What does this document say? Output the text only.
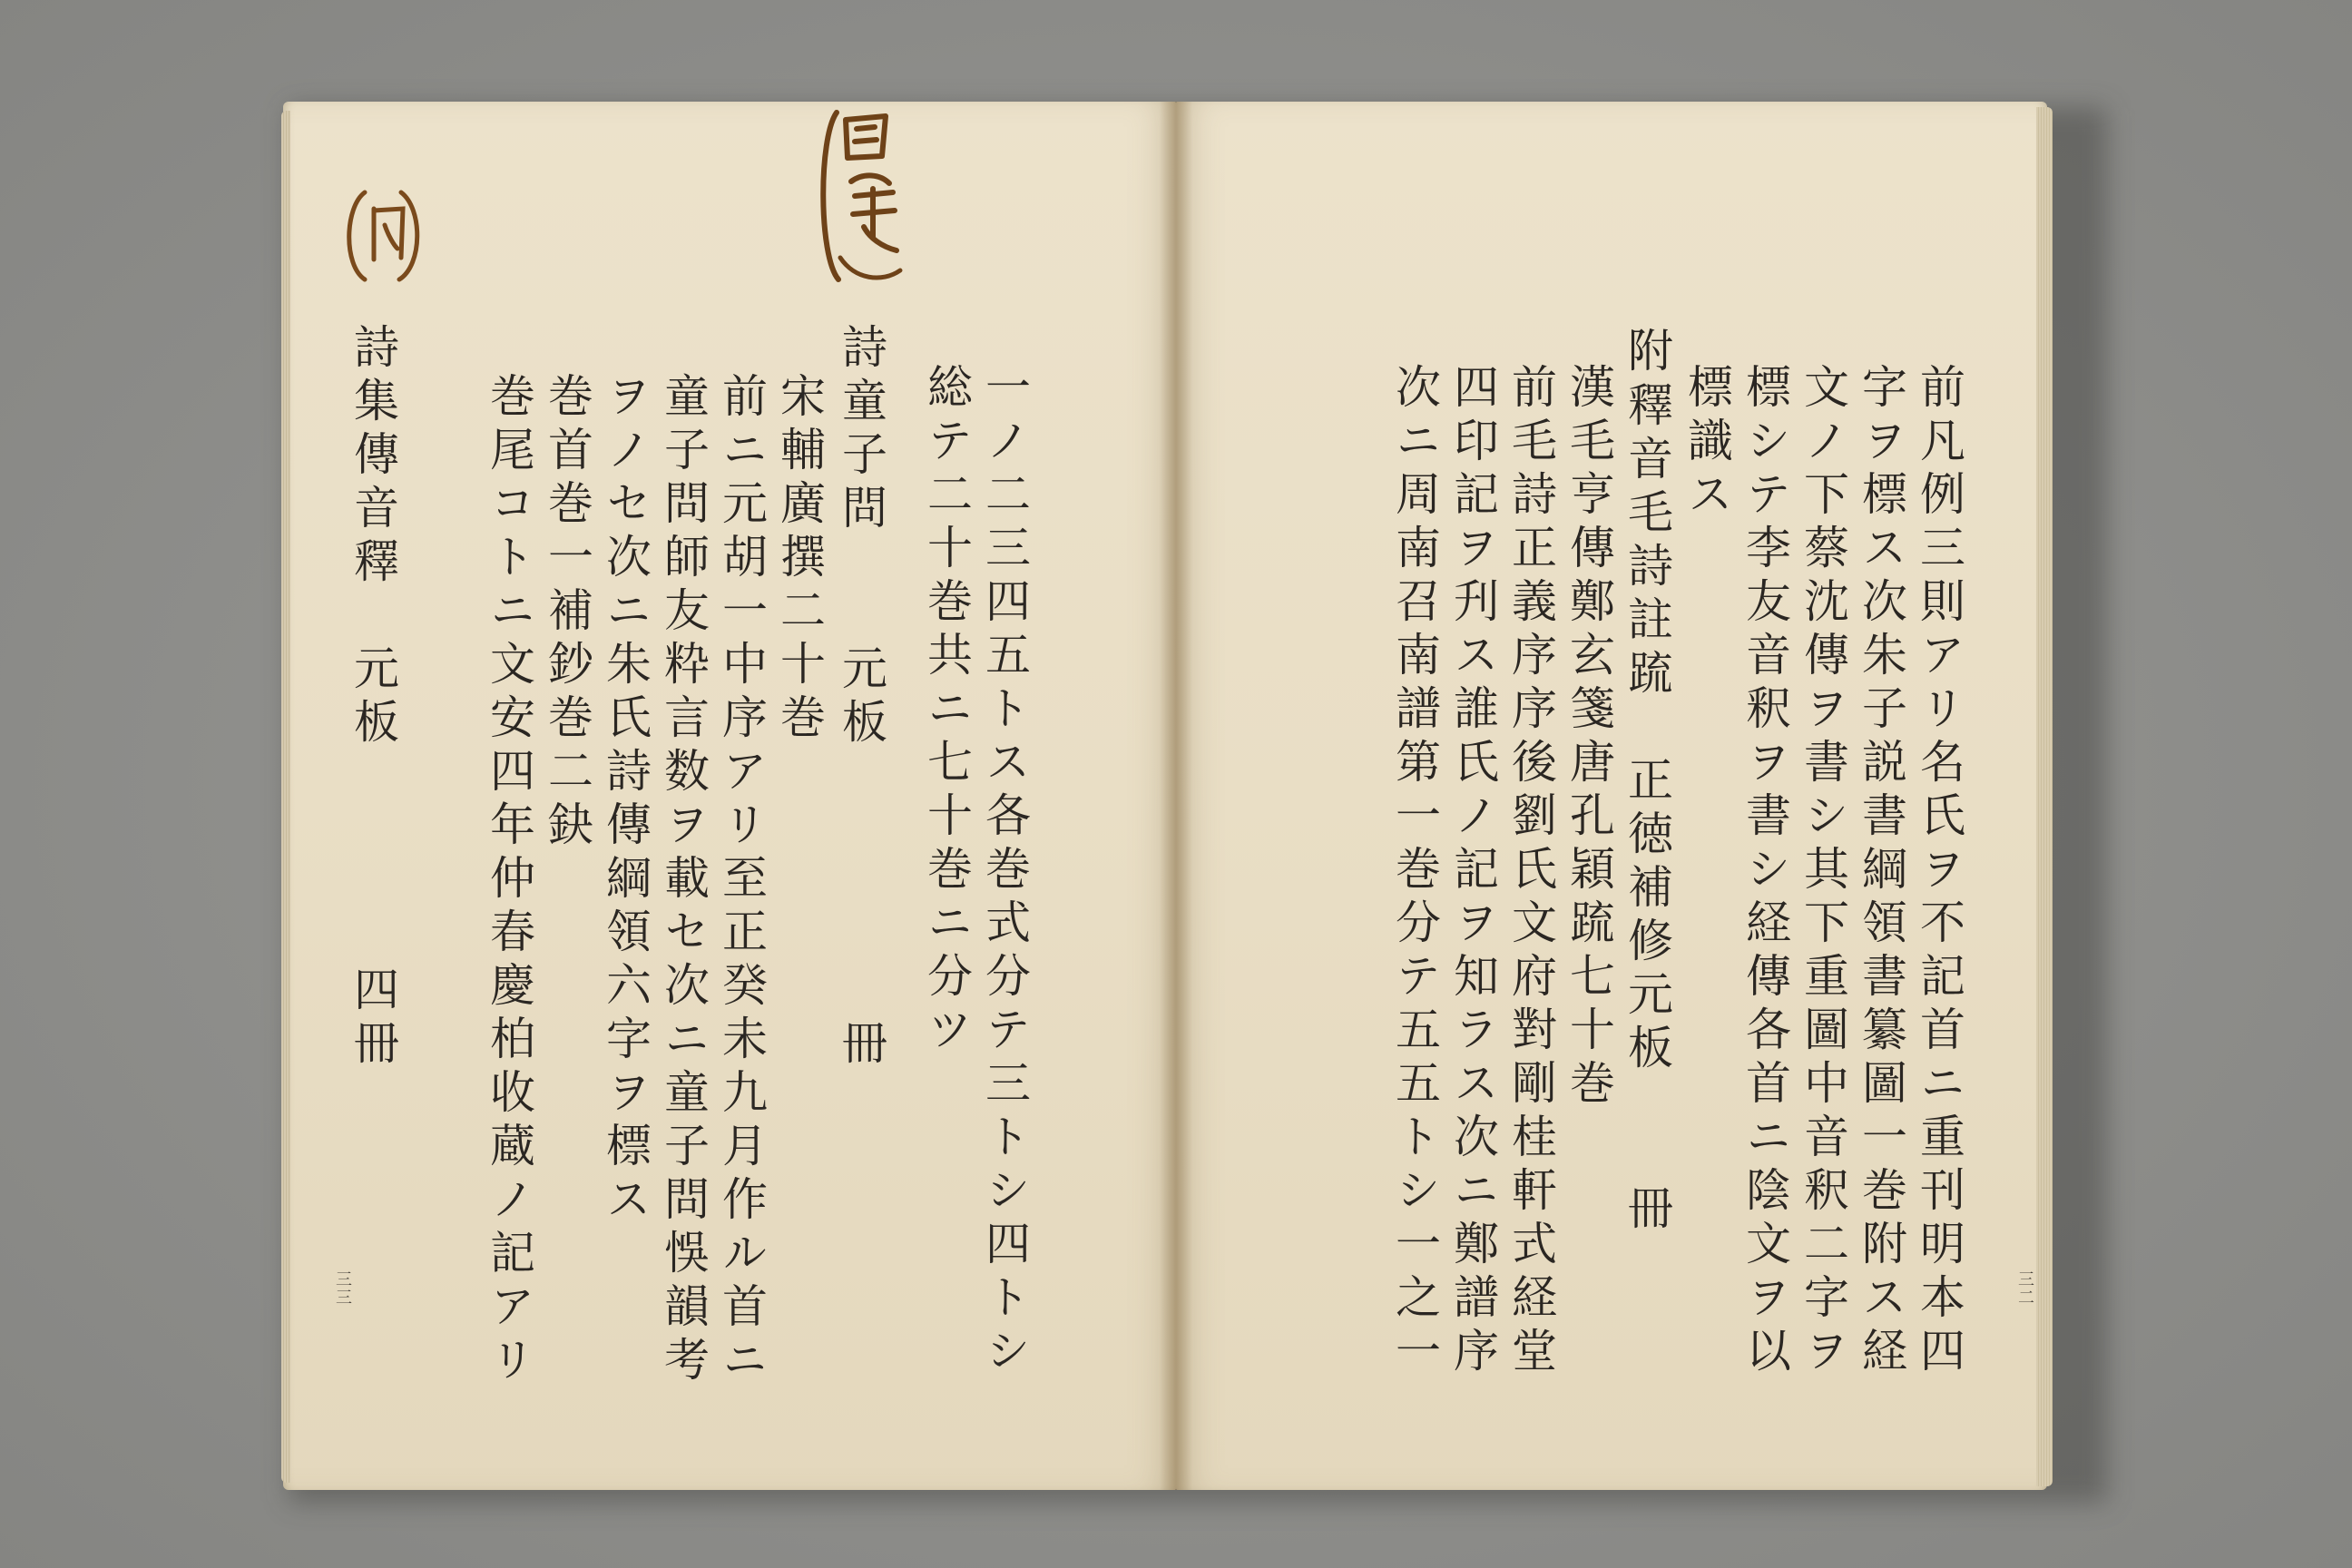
前凡例三則アリ名氏ヲ不記首ニ重刊明本四
字ヲ標ス次朱子説書綱領書纂圖一巻附ス経
文ノ下蔡沈傳ヲ書シ其下重圖中音釈二字ヲ
標シテ李友音釈ヲ書シ経傳各首ニ陰文ヲ以
標識ス
附
釋音毛詩註䟽　正徳補修元板　　冊
漢毛亨傳鄭玄箋唐孔穎䟽七十巻
前毛詩正義序序後劉氏文府對剛桂軒式経堂
四印記ヲ刋ス誰氏ノ記ヲ知ラス次ニ鄭譜序
次ニ周南召南譜第一巻分テ五五トシ一之一	三二
一ノ二三四五トス各巻式分テ三トシ四トシ
総テ二十巻共ニ七十巻ニ分ツ
詩童子問　　元板　　　　　冊
宋輔廣撰二十巻
前ニ元胡一中序アリ至正癸未九月作ル首ニ
童子問師友粋言数ヲ載セ次ニ童子問悞韻考
ヲノセ次ニ朱氏詩傳綱領六字ヲ標ス
巻首巻一補鈔巻二鈌
巻尾コトニ文安四年仲春慶柏收蔵ノ記アリ
詩集傳音釋　元板　　　　四冊
三三
